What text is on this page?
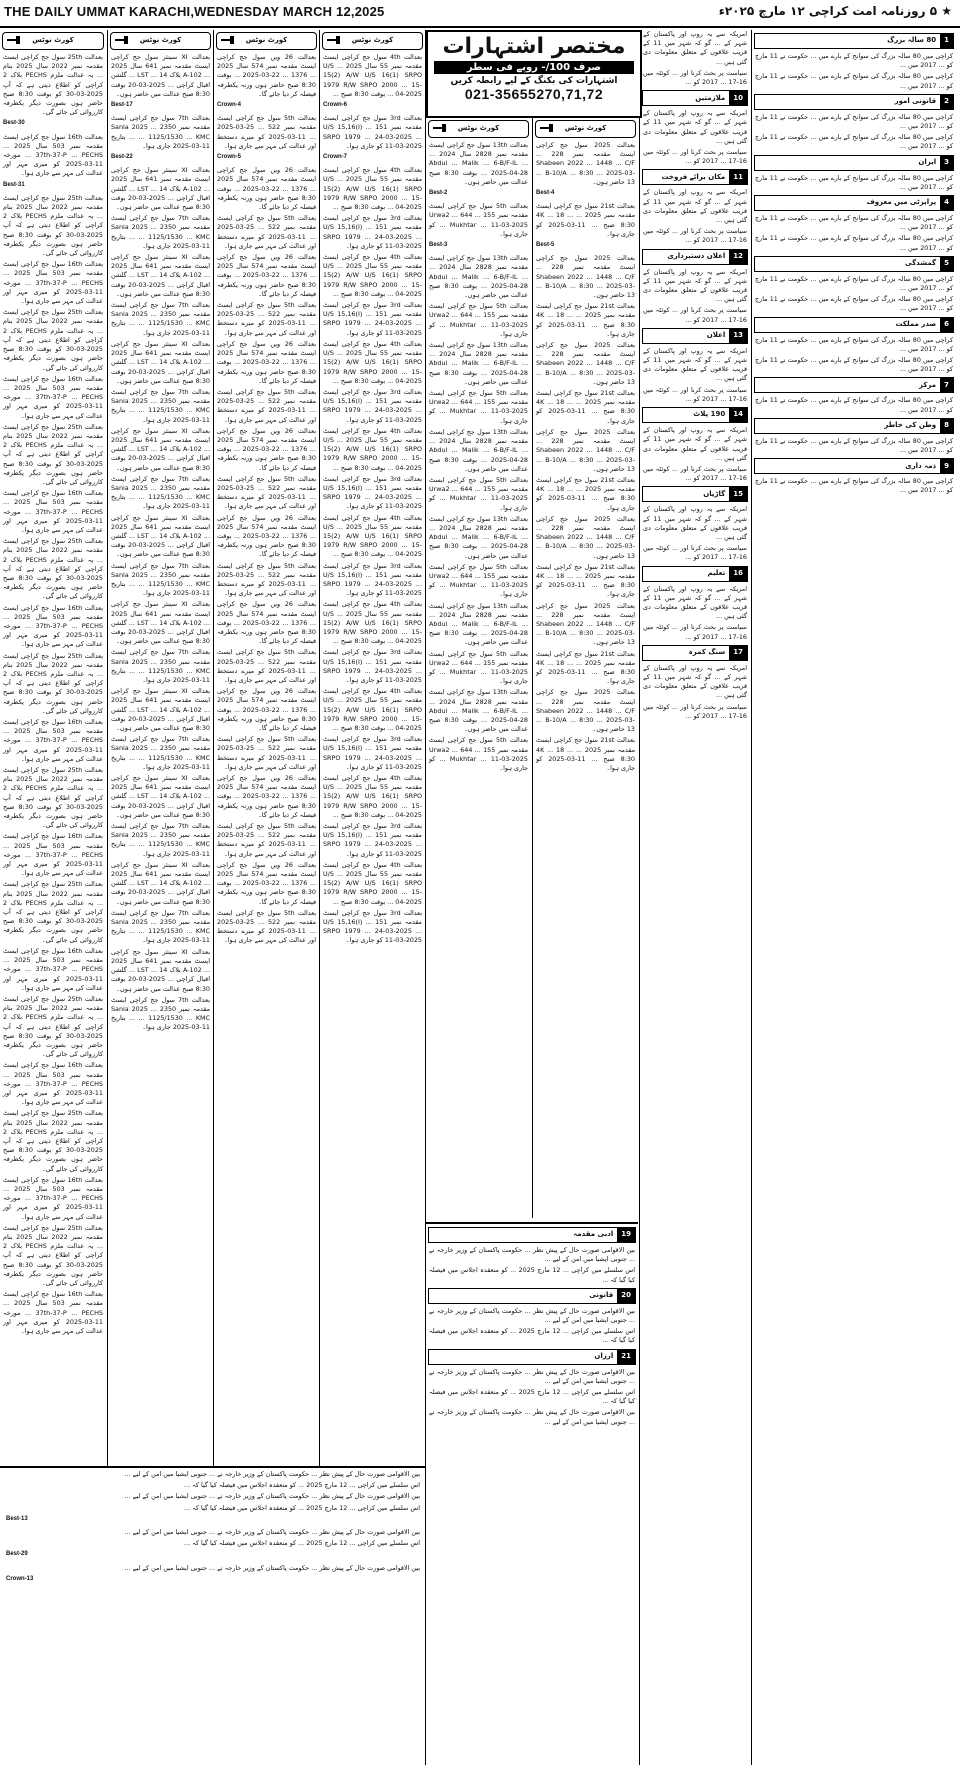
THE DAILY UMMAT KARACHI,WEDNESDAY MARCH 12,2025	★ ۵ روزنامہ امت کراچی ۱۲ مارچ ۲۰۲۵ء
کورٹ نوٹس
بعدالت 25th سول جج کراچی ایسٹ مقدمہ نمبر 2022 سال 2025 بنام ... یہ عدالت ملزم PECHS بلاک 2 کراچی کو اطلاع دیتی ہے کہ آپ 2025-03-30 کو بوقت 8:30 صبح حاضر ہوں بصورت دیگر یکطرفہ کارروائی کی جائے گی۔
Best-30
بعدالت 16th سول جج کراچی ایسٹ مقدمہ نمبر 503 سال 2025 ... 37th-37-P ... PECHS ... مورخہ 11-03-2025 کو میری مہر اور عدالت کی مہر سے جاری ہوا۔
Best-31
بعدالت 25th سول جج کراچی ایسٹ مقدمہ نمبر 2022 سال 2025 بنام ... یہ عدالت ملزم PECHS بلاک 2 کراچی کو اطلاع دیتی ہے کہ آپ 2025-03-30 کو بوقت 8:30 صبح حاضر ہوں بصورت دیگر یکطرفہ کارروائی کی جائے گی۔
بعدالت 16th سول جج کراچی ایسٹ مقدمہ نمبر 503 سال 2025 ... 37th-37-P ... PECHS ... مورخہ 11-03-2025 کو میری مہر اور عدالت کی مہر سے جاری ہوا۔
بعدالت 25th سول جج کراچی ایسٹ مقدمہ نمبر 2022 سال 2025 بنام ... یہ عدالت ملزم PECHS بلاک 2 کراچی کو اطلاع دیتی ہے کہ آپ 2025-03-30 کو بوقت 8:30 صبح حاضر ہوں بصورت دیگر یکطرفہ کارروائی کی جائے گی۔
بعدالت 16th سول جج کراچی ایسٹ مقدمہ نمبر 503 سال 2025 ... 37th-37-P ... PECHS ... مورخہ 11-03-2025 کو میری مہر اور عدالت کی مہر سے جاری ہوا۔
بعدالت 25th سول جج کراچی ایسٹ مقدمہ نمبر 2022 سال 2025 بنام ... یہ عدالت ملزم PECHS بلاک 2 کراچی کو اطلاع دیتی ہے کہ آپ 2025-03-30 کو بوقت 8:30 صبح حاضر ہوں بصورت دیگر یکطرفہ کارروائی کی جائے گی۔
بعدالت 16th سول جج کراچی ایسٹ مقدمہ نمبر 503 سال 2025 ... 37th-37-P ... PECHS ... مورخہ 11-03-2025 کو میری مہر اور عدالت کی مہر سے جاری ہوا۔
بعدالت 25th سول جج کراچی ایسٹ مقدمہ نمبر 2022 سال 2025 بنام ... یہ عدالت ملزم PECHS بلاک 2 کراچی کو اطلاع دیتی ہے کہ آپ 2025-03-30 کو بوقت 8:30 صبح حاضر ہوں بصورت دیگر یکطرفہ کارروائی کی جائے گی۔
بعدالت 16th سول جج کراچی ایسٹ مقدمہ نمبر 503 سال 2025 ... 37th-37-P ... PECHS ... مورخہ 11-03-2025 کو میری مہر اور عدالت کی مہر سے جاری ہوا۔
بعدالت 25th سول جج کراچی ایسٹ مقدمہ نمبر 2022 سال 2025 بنام ... یہ عدالت ملزم PECHS بلاک 2 کراچی کو اطلاع دیتی ہے کہ آپ 2025-03-30 کو بوقت 8:30 صبح حاضر ہوں بصورت دیگر یکطرفہ کارروائی کی جائے گی۔
بعدالت 16th سول جج کراچی ایسٹ مقدمہ نمبر 503 سال 2025 ... 37th-37-P ... PECHS ... مورخہ 11-03-2025 کو میری مہر اور عدالت کی مہر سے جاری ہوا۔
بعدالت 25th سول جج کراچی ایسٹ مقدمہ نمبر 2022 سال 2025 بنام ... یہ عدالت ملزم PECHS بلاک 2 کراچی کو اطلاع دیتی ہے کہ آپ 2025-03-30 کو بوقت 8:30 صبح حاضر ہوں بصورت دیگر یکطرفہ کارروائی کی جائے گی۔
بعدالت 16th سول جج کراچی ایسٹ مقدمہ نمبر 503 سال 2025 ... 37th-37-P ... PECHS ... مورخہ 11-03-2025 کو میری مہر اور عدالت کی مہر سے جاری ہوا۔
بعدالت 25th سول جج کراچی ایسٹ مقدمہ نمبر 2022 سال 2025 بنام ... یہ عدالت ملزم PECHS بلاک 2 کراچی کو اطلاع دیتی ہے کہ آپ 2025-03-30 کو بوقت 8:30 صبح حاضر ہوں بصورت دیگر یکطرفہ کارروائی کی جائے گی۔
بعدالت 16th سول جج کراچی ایسٹ مقدمہ نمبر 503 سال 2025 ... 37th-37-P ... PECHS ... مورخہ 11-03-2025 کو میری مہر اور عدالت کی مہر سے جاری ہوا۔
بعدالت 25th سول جج کراچی ایسٹ مقدمہ نمبر 2022 سال 2025 بنام ... یہ عدالت ملزم PECHS بلاک 2 کراچی کو اطلاع دیتی ہے کہ آپ 2025-03-30 کو بوقت 8:30 صبح حاضر ہوں بصورت دیگر یکطرفہ کارروائی کی جائے گی۔
بعدالت 16th سول جج کراچی ایسٹ مقدمہ نمبر 503 سال 2025 ... 37th-37-P ... PECHS ... مورخہ 11-03-2025 کو میری مہر اور عدالت کی مہر سے جاری ہوا۔
بعدالت 25th سول جج کراچی ایسٹ مقدمہ نمبر 2022 سال 2025 بنام ... یہ عدالت ملزم PECHS بلاک 2 کراچی کو اطلاع دیتی ہے کہ آپ 2025-03-30 کو بوقت 8:30 صبح حاضر ہوں بصورت دیگر یکطرفہ کارروائی کی جائے گی۔
بعدالت 16th سول جج کراچی ایسٹ مقدمہ نمبر 503 سال 2025 ... 37th-37-P ... PECHS ... مورخہ 11-03-2025 کو میری مہر اور عدالت کی مہر سے جاری ہوا۔
بعدالت 25th سول جج کراچی ایسٹ مقدمہ نمبر 2022 سال 2025 بنام ... یہ عدالت ملزم PECHS بلاک 2 کراچی کو اطلاع دیتی ہے کہ آپ 2025-03-30 کو بوقت 8:30 صبح حاضر ہوں بصورت دیگر یکطرفہ کارروائی کی جائے گی۔
بعدالت 16th سول جج کراچی ایسٹ مقدمہ نمبر 503 سال 2025 ... 37th-37-P ... PECHS ... مورخہ 11-03-2025 کو میری مہر اور عدالت کی مہر سے جاری ہوا۔
کورٹ نوٹس
بعدالت XI سینئر سول جج کراچی ایسٹ مقدمہ نمبر 641 سال 2025 ... A-102 بلاک 14 ... LST ... گلشن اقبال کراچی ... 2025-03-20 بوقت 8:30 صبح عدالت میں حاضر ہوں۔
Best-17
بعدالت 7th سول جج کراچی ایسٹ مقدمہ نمبر 2350 ... Sania 2025 ... 1125/1530 ... KMC ... بتاریخ 11-03-2025 جاری ہوا۔
Best-22
بعدالت XI سینئر سول جج کراچی ایسٹ مقدمہ نمبر 641 سال 2025 ... A-102 بلاک 14 ... LST ... گلشن اقبال کراچی ... 2025-03-20 بوقت 8:30 صبح عدالت میں حاضر ہوں۔
بعدالت 7th سول جج کراچی ایسٹ مقدمہ نمبر 2350 ... Sania 2025 ... 1125/1530 ... KMC ... بتاریخ 11-03-2025 جاری ہوا۔
بعدالت XI سینئر سول جج کراچی ایسٹ مقدمہ نمبر 641 سال 2025 ... A-102 بلاک 14 ... LST ... گلشن اقبال کراچی ... 2025-03-20 بوقت 8:30 صبح عدالت میں حاضر ہوں۔
بعدالت 7th سول جج کراچی ایسٹ مقدمہ نمبر 2350 ... Sania 2025 ... 1125/1530 ... KMC ... بتاریخ 11-03-2025 جاری ہوا۔
بعدالت XI سینئر سول جج کراچی ایسٹ مقدمہ نمبر 641 سال 2025 ... A-102 بلاک 14 ... LST ... گلشن اقبال کراچی ... 2025-03-20 بوقت 8:30 صبح عدالت میں حاضر ہوں۔
بعدالت 7th سول جج کراچی ایسٹ مقدمہ نمبر 2350 ... Sania 2025 ... 1125/1530 ... KMC ... بتاریخ 11-03-2025 جاری ہوا۔
بعدالت XI سینئر سول جج کراچی ایسٹ مقدمہ نمبر 641 سال 2025 ... A-102 بلاک 14 ... LST ... گلشن اقبال کراچی ... 2025-03-20 بوقت 8:30 صبح عدالت میں حاضر ہوں۔
بعدالت 7th سول جج کراچی ایسٹ مقدمہ نمبر 2350 ... Sania 2025 ... 1125/1530 ... KMC ... بتاریخ 11-03-2025 جاری ہوا۔
بعدالت XI سینئر سول جج کراچی ایسٹ مقدمہ نمبر 641 سال 2025 ... A-102 بلاک 14 ... LST ... گلشن اقبال کراچی ... 2025-03-20 بوقت 8:30 صبح عدالت میں حاضر ہوں۔
بعدالت 7th سول جج کراچی ایسٹ مقدمہ نمبر 2350 ... Sania 2025 ... 1125/1530 ... KMC ... بتاریخ 11-03-2025 جاری ہوا۔
بعدالت XI سینئر سول جج کراچی ایسٹ مقدمہ نمبر 641 سال 2025 ... A-102 بلاک 14 ... LST ... گلشن اقبال کراچی ... 2025-03-20 بوقت 8:30 صبح عدالت میں حاضر ہوں۔
بعدالت 7th سول جج کراچی ایسٹ مقدمہ نمبر 2350 ... Sania 2025 ... 1125/1530 ... KMC ... بتاریخ 11-03-2025 جاری ہوا۔
بعدالت XI سینئر سول جج کراچی ایسٹ مقدمہ نمبر 641 سال 2025 ... A-102 بلاک 14 ... LST ... گلشن اقبال کراچی ... 2025-03-20 بوقت 8:30 صبح عدالت میں حاضر ہوں۔
بعدالت 7th سول جج کراچی ایسٹ مقدمہ نمبر 2350 ... Sania 2025 ... 1125/1530 ... KMC ... بتاریخ 11-03-2025 جاری ہوا۔
بعدالت XI سینئر سول جج کراچی ایسٹ مقدمہ نمبر 641 سال 2025 ... A-102 بلاک 14 ... LST ... گلشن اقبال کراچی ... 2025-03-20 بوقت 8:30 صبح عدالت میں حاضر ہوں۔
بعدالت 7th سول جج کراچی ایسٹ مقدمہ نمبر 2350 ... Sania 2025 ... 1125/1530 ... KMC ... بتاریخ 11-03-2025 جاری ہوا۔
بعدالت XI سینئر سول جج کراچی ایسٹ مقدمہ نمبر 641 سال 2025 ... A-102 بلاک 14 ... LST ... گلشن اقبال کراچی ... 2025-03-20 بوقت 8:30 صبح عدالت میں حاضر ہوں۔
بعدالت 7th سول جج کراچی ایسٹ مقدمہ نمبر 2350 ... Sania 2025 ... 1125/1530 ... KMC ... بتاریخ 11-03-2025 جاری ہوا۔
بعدالت XI سینئر سول جج کراچی ایسٹ مقدمہ نمبر 641 سال 2025 ... A-102 بلاک 14 ... LST ... گلشن اقبال کراچی ... 2025-03-20 بوقت 8:30 صبح عدالت میں حاضر ہوں۔
بعدالت 7th سول جج کراچی ایسٹ مقدمہ نمبر 2350 ... Sania 2025 ... 1125/1530 ... KMC ... بتاریخ 11-03-2025 جاری ہوا۔
کورٹ نوٹس
بعدالت 26 ویں سول جج کراچی ایسٹ مقدمہ نمبر 574 سال 2025 ... 1376 ... 22-03-2025 ... بوقت 8:30 صبح حاضر ہوں ورنہ یکطرفہ فیصلہ کر دیا جائے گا۔
Crown-4
بعدالت 5th سول جج کراچی ایسٹ مقدمہ نمبر 522 ... 25-03-2025 ... 11-03-2025 کو میرے دستخط اور عدالت کی مہر سے جاری ہوا۔
Crown-5
بعدالت 26 ویں سول جج کراچی ایسٹ مقدمہ نمبر 574 سال 2025 ... 1376 ... 22-03-2025 ... بوقت 8:30 صبح حاضر ہوں ورنہ یکطرفہ فیصلہ کر دیا جائے گا۔
بعدالت 5th سول جج کراچی ایسٹ مقدمہ نمبر 522 ... 25-03-2025 ... 11-03-2025 کو میرے دستخط اور عدالت کی مہر سے جاری ہوا۔
بعدالت 26 ویں سول جج کراچی ایسٹ مقدمہ نمبر 574 سال 2025 ... 1376 ... 22-03-2025 ... بوقت 8:30 صبح حاضر ہوں ورنہ یکطرفہ فیصلہ کر دیا جائے گا۔
بعدالت 5th سول جج کراچی ایسٹ مقدمہ نمبر 522 ... 25-03-2025 ... 11-03-2025 کو میرے دستخط اور عدالت کی مہر سے جاری ہوا۔
بعدالت 26 ویں سول جج کراچی ایسٹ مقدمہ نمبر 574 سال 2025 ... 1376 ... 22-03-2025 ... بوقت 8:30 صبح حاضر ہوں ورنہ یکطرفہ فیصلہ کر دیا جائے گا۔
بعدالت 5th سول جج کراچی ایسٹ مقدمہ نمبر 522 ... 25-03-2025 ... 11-03-2025 کو میرے دستخط اور عدالت کی مہر سے جاری ہوا۔
بعدالت 26 ویں سول جج کراچی ایسٹ مقدمہ نمبر 574 سال 2025 ... 1376 ... 22-03-2025 ... بوقت 8:30 صبح حاضر ہوں ورنہ یکطرفہ فیصلہ کر دیا جائے گا۔
بعدالت 5th سول جج کراچی ایسٹ مقدمہ نمبر 522 ... 25-03-2025 ... 11-03-2025 کو میرے دستخط اور عدالت کی مہر سے جاری ہوا۔
بعدالت 26 ویں سول جج کراچی ایسٹ مقدمہ نمبر 574 سال 2025 ... 1376 ... 22-03-2025 ... بوقت 8:30 صبح حاضر ہوں ورنہ یکطرفہ فیصلہ کر دیا جائے گا۔
بعدالت 5th سول جج کراچی ایسٹ مقدمہ نمبر 522 ... 25-03-2025 ... 11-03-2025 کو میرے دستخط اور عدالت کی مہر سے جاری ہوا۔
بعدالت 26 ویں سول جج کراچی ایسٹ مقدمہ نمبر 574 سال 2025 ... 1376 ... 22-03-2025 ... بوقت 8:30 صبح حاضر ہوں ورنہ یکطرفہ فیصلہ کر دیا جائے گا۔
بعدالت 5th سول جج کراچی ایسٹ مقدمہ نمبر 522 ... 25-03-2025 ... 11-03-2025 کو میرے دستخط اور عدالت کی مہر سے جاری ہوا۔
بعدالت 26 ویں سول جج کراچی ایسٹ مقدمہ نمبر 574 سال 2025 ... 1376 ... 22-03-2025 ... بوقت 8:30 صبح حاضر ہوں ورنہ یکطرفہ فیصلہ کر دیا جائے گا۔
بعدالت 5th سول جج کراچی ایسٹ مقدمہ نمبر 522 ... 25-03-2025 ... 11-03-2025 کو میرے دستخط اور عدالت کی مہر سے جاری ہوا۔
بعدالت 26 ویں سول جج کراچی ایسٹ مقدمہ نمبر 574 سال 2025 ... 1376 ... 22-03-2025 ... بوقت 8:30 صبح حاضر ہوں ورنہ یکطرفہ فیصلہ کر دیا جائے گا۔
بعدالت 5th سول جج کراچی ایسٹ مقدمہ نمبر 522 ... 25-03-2025 ... 11-03-2025 کو میرے دستخط اور عدالت کی مہر سے جاری ہوا۔
بعدالت 26 ویں سول جج کراچی ایسٹ مقدمہ نمبر 574 سال 2025 ... 1376 ... 22-03-2025 ... بوقت 8:30 صبح حاضر ہوں ورنہ یکطرفہ فیصلہ کر دیا جائے گا۔
بعدالت 5th سول جج کراچی ایسٹ مقدمہ نمبر 522 ... 25-03-2025 ... 11-03-2025 کو میرے دستخط اور عدالت کی مہر سے جاری ہوا۔
کورٹ نوٹس
بعدالت 4th سول جج کراچی ایسٹ مقدمہ نمبر 55 سال 2025 ... U/S 15(2) A/W U/S 16(1) SRPO 1979 R/W SRPO 2000 ... 15-04-2025 ... بوقت 8:30 صبح ...
Crown-6
بعدالت 3rd سول جج کراچی ایسٹ مقدمہ نمبر 151 ... U/S 15,16(I) SRPO 1979 ... 24-03-2025 ... 11-03-2025 کو جاری ہوا۔
Crown-7
بعدالت 4th سول جج کراچی ایسٹ مقدمہ نمبر 55 سال 2025 ... U/S 15(2) A/W U/S 16(1) SRPO 1979 R/W SRPO 2000 ... 15-04-2025 ... بوقت 8:30 صبح ...
بعدالت 3rd سول جج کراچی ایسٹ مقدمہ نمبر 151 ... U/S 15,16(I) SRPO 1979 ... 24-03-2025 ... 11-03-2025 کو جاری ہوا۔
بعدالت 4th سول جج کراچی ایسٹ مقدمہ نمبر 55 سال 2025 ... U/S 15(2) A/W U/S 16(1) SRPO 1979 R/W SRPO 2000 ... 15-04-2025 ... بوقت 8:30 صبح ...
بعدالت 3rd سول جج کراچی ایسٹ مقدمہ نمبر 151 ... U/S 15,16(I) SRPO 1979 ... 24-03-2025 ... 11-03-2025 کو جاری ہوا۔
بعدالت 4th سول جج کراچی ایسٹ مقدمہ نمبر 55 سال 2025 ... U/S 15(2) A/W U/S 16(1) SRPO 1979 R/W SRPO 2000 ... 15-04-2025 ... بوقت 8:30 صبح ...
بعدالت 3rd سول جج کراچی ایسٹ مقدمہ نمبر 151 ... U/S 15,16(I) SRPO 1979 ... 24-03-2025 ... 11-03-2025 کو جاری ہوا۔
بعدالت 4th سول جج کراچی ایسٹ مقدمہ نمبر 55 سال 2025 ... U/S 15(2) A/W U/S 16(1) SRPO 1979 R/W SRPO 2000 ... 15-04-2025 ... بوقت 8:30 صبح ...
بعدالت 3rd سول جج کراچی ایسٹ مقدمہ نمبر 151 ... U/S 15,16(I) SRPO 1979 ... 24-03-2025 ... 11-03-2025 کو جاری ہوا۔
بعدالت 4th سول جج کراچی ایسٹ مقدمہ نمبر 55 سال 2025 ... U/S 15(2) A/W U/S 16(1) SRPO 1979 R/W SRPO 2000 ... 15-04-2025 ... بوقت 8:30 صبح ...
بعدالت 3rd سول جج کراچی ایسٹ مقدمہ نمبر 151 ... U/S 15,16(I) SRPO 1979 ... 24-03-2025 ... 11-03-2025 کو جاری ہوا۔
بعدالت 4th سول جج کراچی ایسٹ مقدمہ نمبر 55 سال 2025 ... U/S 15(2) A/W U/S 16(1) SRPO 1979 R/W SRPO 2000 ... 15-04-2025 ... بوقت 8:30 صبح ...
بعدالت 3rd سول جج کراچی ایسٹ مقدمہ نمبر 151 ... U/S 15,16(I) SRPO 1979 ... 24-03-2025 ... 11-03-2025 کو جاری ہوا۔
بعدالت 4th سول جج کراچی ایسٹ مقدمہ نمبر 55 سال 2025 ... U/S 15(2) A/W U/S 16(1) SRPO 1979 R/W SRPO 2000 ... 15-04-2025 ... بوقت 8:30 صبح ...
بعدالت 3rd سول جج کراچی ایسٹ مقدمہ نمبر 151 ... U/S 15,16(I) SRPO 1979 ... 24-03-2025 ... 11-03-2025 کو جاری ہوا۔
بعدالت 4th سول جج کراچی ایسٹ مقدمہ نمبر 55 سال 2025 ... U/S 15(2) A/W U/S 16(1) SRPO 1979 R/W SRPO 2000 ... 15-04-2025 ... بوقت 8:30 صبح ...
بعدالت 3rd سول جج کراچی ایسٹ مقدمہ نمبر 151 ... U/S 15,16(I) SRPO 1979 ... 24-03-2025 ... 11-03-2025 کو جاری ہوا۔
بعدالت 4th سول جج کراچی ایسٹ مقدمہ نمبر 55 سال 2025 ... U/S 15(2) A/W U/S 16(1) SRPO 1979 R/W SRPO 2000 ... 15-04-2025 ... بوقت 8:30 صبح ...
بعدالت 3rd سول جج کراچی ایسٹ مقدمہ نمبر 151 ... U/S 15,16(I) SRPO 1979 ... 24-03-2025 ... 11-03-2025 کو جاری ہوا۔
مختصر اشتہارات
صرف 100/- روپے فی سطر
اشتہارات کی بکنگ کے لیے رابطہ کریں
021-35655270,71,72
کورٹ نوٹس
بعدالت 13th سول جج کراچی ایسٹ مقدمہ نمبر 2828 سال 2024 ... Abdul ... Malik ... 6-B/F-IL ... 2025-04-28 ... بوقت 8:30 صبح عدالت میں حاضر ہوں۔
Best-2
بعدالت 5th سول جج کراچی ایسٹ مقدمہ نمبر 155 ... 644 ... Urwa2 ... Mukhtar ... 11-03-2025 کو جاری ہوا۔
Best-3
بعدالت 13th سول جج کراچی ایسٹ مقدمہ نمبر 2828 سال 2024 ... Abdul ... Malik ... 6-B/F-IL ... 2025-04-28 ... بوقت 8:30 صبح عدالت میں حاضر ہوں۔
بعدالت 5th سول جج کراچی ایسٹ مقدمہ نمبر 155 ... 644 ... Urwa2 ... Mukhtar ... 11-03-2025 کو جاری ہوا۔
بعدالت 13th سول جج کراچی ایسٹ مقدمہ نمبر 2828 سال 2024 ... Abdul ... Malik ... 6-B/F-IL ... 2025-04-28 ... بوقت 8:30 صبح عدالت میں حاضر ہوں۔
بعدالت 5th سول جج کراچی ایسٹ مقدمہ نمبر 155 ... 644 ... Urwa2 ... Mukhtar ... 11-03-2025 کو جاری ہوا۔
بعدالت 13th سول جج کراچی ایسٹ مقدمہ نمبر 2828 سال 2024 ... Abdul ... Malik ... 6-B/F-IL ... 2025-04-28 ... بوقت 8:30 صبح عدالت میں حاضر ہوں۔
بعدالت 5th سول جج کراچی ایسٹ مقدمہ نمبر 155 ... 644 ... Urwa2 ... Mukhtar ... 11-03-2025 کو جاری ہوا۔
بعدالت 13th سول جج کراچی ایسٹ مقدمہ نمبر 2828 سال 2024 ... Abdul ... Malik ... 6-B/F-IL ... 2025-04-28 ... بوقت 8:30 صبح عدالت میں حاضر ہوں۔
بعدالت 5th سول جج کراچی ایسٹ مقدمہ نمبر 155 ... 644 ... Urwa2 ... Mukhtar ... 11-03-2025 کو جاری ہوا۔
بعدالت 13th سول جج کراچی ایسٹ مقدمہ نمبر 2828 سال 2024 ... Abdul ... Malik ... 6-B/F-IL ... 2025-04-28 ... بوقت 8:30 صبح عدالت میں حاضر ہوں۔
بعدالت 5th سول جج کراچی ایسٹ مقدمہ نمبر 155 ... 644 ... Urwa2 ... Mukhtar ... 11-03-2025 کو جاری ہوا۔
بعدالت 13th سول جج کراچی ایسٹ مقدمہ نمبر 2828 سال 2024 ... Abdul ... Malik ... 6-B/F-IL ... 2025-04-28 ... بوقت 8:30 صبح عدالت میں حاضر ہوں۔
بعدالت 5th سول جج کراچی ایسٹ مقدمہ نمبر 155 ... 644 ... Urwa2 ... Mukhtar ... 11-03-2025 کو جاری ہوا۔
کورٹ نوٹس
بعدالت 2025 سول جج کراچی ایسٹ مقدمہ نمبر 228 ... Shabeen 2022 ... 1448 ... C/F ... B-10/A ... 8:30 ... 2025-03-13 حاضر ہوں۔
Best-4
بعدالت 21st سول جج کراچی ایسٹ مقدمہ نمبر 2025 ... 4K ... 18 ... 8:30 صبح ... 11-03-2025 کو جاری ہوا۔
Best-5
بعدالت 2025 سول جج کراچی ایسٹ مقدمہ نمبر 228 ... Shabeen 2022 ... 1448 ... C/F ... B-10/A ... 8:30 ... 2025-03-13 حاضر ہوں۔
بعدالت 21st سول جج کراچی ایسٹ مقدمہ نمبر 2025 ... 4K ... 18 ... 8:30 صبح ... 11-03-2025 کو جاری ہوا۔
بعدالت 2025 سول جج کراچی ایسٹ مقدمہ نمبر 228 ... Shabeen 2022 ... 1448 ... C/F ... B-10/A ... 8:30 ... 2025-03-13 حاضر ہوں۔
بعدالت 21st سول جج کراچی ایسٹ مقدمہ نمبر 2025 ... 4K ... 18 ... 8:30 صبح ... 11-03-2025 کو جاری ہوا۔
بعدالت 2025 سول جج کراچی ایسٹ مقدمہ نمبر 228 ... Shabeen 2022 ... 1448 ... C/F ... B-10/A ... 8:30 ... 2025-03-13 حاضر ہوں۔
بعدالت 21st سول جج کراچی ایسٹ مقدمہ نمبر 2025 ... 4K ... 18 ... 8:30 صبح ... 11-03-2025 کو جاری ہوا۔
بعدالت 2025 سول جج کراچی ایسٹ مقدمہ نمبر 228 ... Shabeen 2022 ... 1448 ... C/F ... B-10/A ... 8:30 ... 2025-03-13 حاضر ہوں۔
بعدالت 21st سول جج کراچی ایسٹ مقدمہ نمبر 2025 ... 4K ... 18 ... 8:30 صبح ... 11-03-2025 کو جاری ہوا۔
بعدالت 2025 سول جج کراچی ایسٹ مقدمہ نمبر 228 ... Shabeen 2022 ... 1448 ... C/F ... B-10/A ... 8:30 ... 2025-03-13 حاضر ہوں۔
بعدالت 21st سول جج کراچی ایسٹ مقدمہ نمبر 2025 ... 4K ... 18 ... 8:30 صبح ... 11-03-2025 کو جاری ہوا۔
بعدالت 2025 سول جج کراچی ایسٹ مقدمہ نمبر 228 ... Shabeen 2022 ... 1448 ... C/F ... B-10/A ... 8:30 ... 2025-03-13 حاضر ہوں۔
بعدالت 21st سول جج کراچی ایسٹ مقدمہ نمبر 2025 ... 4K ... 18 ... 8:30 صبح ... 11-03-2025 کو جاری ہوا۔
امریکہ سے یہ روپ اور پاکستان کے شہر کے ... گو کہ شہر میں 11 کے قریب علاقوں کے متعلق معلومات دی گئی ہیں ...
سیاست پر بحث کرنا اور ... کوئٹہ میں 16-17 ... 2017 کو ...
10
ملازمتیں
امریکہ سے یہ روپ اور پاکستان کے شہر کے ... گو کہ شہر میں 11 کے قریب علاقوں کے متعلق معلومات دی گئی ہیں ...
سیاست پر بحث کرنا اور ... کوئٹہ میں 16-17 ... 2017 کو ...
11
مکان برائے فروخت
امریکہ سے یہ روپ اور پاکستان کے شہر کے ... گو کہ شہر میں 11 کے قریب علاقوں کے متعلق معلومات دی گئی ہیں ...
سیاست پر بحث کرنا اور ... کوئٹہ میں 16-17 ... 2017 کو ...
12
اعلان دستبرداری
امریکہ سے یہ روپ اور پاکستان کے شہر کے ... گو کہ شہر میں 11 کے قریب علاقوں کے متعلق معلومات دی گئی ہیں ...
سیاست پر بحث کرنا اور ... کوئٹہ میں 16-17 ... 2017 کو ...
13
اعلان
امریکہ سے یہ روپ اور پاکستان کے شہر کے ... گو کہ شہر میں 11 کے قریب علاقوں کے متعلق معلومات دی گئی ہیں ...
سیاست پر بحث کرنا اور ... کوئٹہ میں 16-17 ... 2017 کو ...
14
190 پلاٹ
امریکہ سے یہ روپ اور پاکستان کے شہر کے ... گو کہ شہر میں 11 کے قریب علاقوں کے متعلق معلومات دی گئی ہیں ...
سیاست پر بحث کرنا اور ... کوئٹہ میں 16-17 ... 2017 کو ...
15
گاڑیاں
امریکہ سے یہ روپ اور پاکستان کے شہر کے ... گو کہ شہر میں 11 کے قریب علاقوں کے متعلق معلومات دی گئی ہیں ...
سیاست پر بحث کرنا اور ... کوئٹہ میں 16-17 ... 2017 کو ...
16
تعلیم
امریکہ سے یہ روپ اور پاکستان کے شہر کے ... گو کہ شہر میں 11 کے قریب علاقوں کے متعلق معلومات دی گئی ہیں ...
سیاست پر بحث کرنا اور ... کوئٹہ میں 16-17 ... 2017 کو ...
17
سنگ کمرہ
امریکہ سے یہ روپ اور پاکستان کے شہر کے ... گو کہ شہر میں 11 کے قریب علاقوں کے متعلق معلومات دی گئی ہیں ...
سیاست پر بحث کرنا اور ... کوئٹہ میں 16-17 ... 2017 کو ...
1
80 سالہ بزرگ
کراچی میں 80 سالہ بزرگ کی سوانح کے بارے میں ... حکومت نے 11 مارچ کو ... 2017 میں ...
کراچی میں 80 سالہ بزرگ کی سوانح کے بارے میں ... حکومت نے 11 مارچ کو ... 2017 میں ...
2
قانونی امور
کراچی میں 80 سالہ بزرگ کی سوانح کے بارے میں ... حکومت نے 11 مارچ کو ... 2017 میں ...
کراچی میں 80 سالہ بزرگ کی سوانح کے بارے میں ... حکومت نے 11 مارچ کو ... 2017 میں ...
3
ایران
کراچی میں 80 سالہ بزرگ کی سوانح کے بارے میں ... حکومت نے 11 مارچ کو ... 2017 میں ...
4
پراپرٹی میں معروف
کراچی میں 80 سالہ بزرگ کی سوانح کے بارے میں ... حکومت نے 11 مارچ کو ... 2017 میں ...
کراچی میں 80 سالہ بزرگ کی سوانح کے بارے میں ... حکومت نے 11 مارچ کو ... 2017 میں ...
5
گمشدگی
کراچی میں 80 سالہ بزرگ کی سوانح کے بارے میں ... حکومت نے 11 مارچ کو ... 2017 میں ...
کراچی میں 80 سالہ بزرگ کی سوانح کے بارے میں ... حکومت نے 11 مارچ کو ... 2017 میں ...
6
صدر مملکت
کراچی میں 80 سالہ بزرگ کی سوانح کے بارے میں ... حکومت نے 11 مارچ کو ... 2017 میں ...
کراچی میں 80 سالہ بزرگ کی سوانح کے بارے میں ... حکومت نے 11 مارچ کو ... 2017 میں ...
7
مرکز
کراچی میں 80 سالہ بزرگ کی سوانح کے بارے میں ... حکومت نے 11 مارچ کو ... 2017 میں ...
8
وطن کی خاطر
کراچی میں 80 سالہ بزرگ کی سوانح کے بارے میں ... حکومت نے 11 مارچ کو ... 2017 میں ...
9
ذمہ داری
کراچی میں 80 سالہ بزرگ کی سوانح کے بارے میں ... حکومت نے 11 مارچ کو ... 2017 میں ...
19
ادبی مقدمہ
بین الاقوامی صورت حال کے پیش نظر ... حکومت پاکستان کے وزیر خارجہ نے ... جنوبی ایشیا میں امن کے لیے ...
اس سلسلے میں کراچی ... 12 مارچ 2025 ... کو منعقدہ اجلاس میں فیصلہ کیا گیا کہ ...
20
قانونی
بین الاقوامی صورت حال کے پیش نظر ... حکومت پاکستان کے وزیر خارجہ نے ... جنوبی ایشیا میں امن کے لیے ...
اس سلسلے میں کراچی ... 12 مارچ 2025 ... کو منعقدہ اجلاس میں فیصلہ کیا گیا کہ ...
21
ارزاں
بین الاقوامی صورت حال کے پیش نظر ... حکومت پاکستان کے وزیر خارجہ نے ... جنوبی ایشیا میں امن کے لیے ...
اس سلسلے میں کراچی ... 12 مارچ 2025 ... کو منعقدہ اجلاس میں فیصلہ کیا گیا کہ ...
بین الاقوامی صورت حال کے پیش نظر ... حکومت پاکستان کے وزیر خارجہ نے ... جنوبی ایشیا میں امن کے لیے ...
بین الاقوامی صورت حال کے پیش نظر ... حکومت پاکستان کے وزیر خارجہ نے ... جنوبی ایشیا میں امن کے لیے ...
اس سلسلے میں کراچی ... 12 مارچ 2025 ... کو منعقدہ اجلاس میں فیصلہ کیا گیا کہ ...
بین الاقوامی صورت حال کے پیش نظر ... حکومت پاکستان کے وزیر خارجہ نے ... جنوبی ایشیا میں امن کے لیے ...
اس سلسلے میں کراچی ... 12 مارچ 2025 ... کو منعقدہ اجلاس میں فیصلہ کیا گیا کہ ...
Best-13
بین الاقوامی صورت حال کے پیش نظر ... حکومت پاکستان کے وزیر خارجہ نے ... جنوبی ایشیا میں امن کے لیے ...
اس سلسلے میں کراچی ... 12 مارچ 2025 ... کو منعقدہ اجلاس میں فیصلہ کیا گیا کہ ...
Best-29
بین الاقوامی صورت حال کے پیش نظر ... حکومت پاکستان کے وزیر خارجہ نے ... جنوبی ایشیا میں امن کے لیے ...
Crown-13
